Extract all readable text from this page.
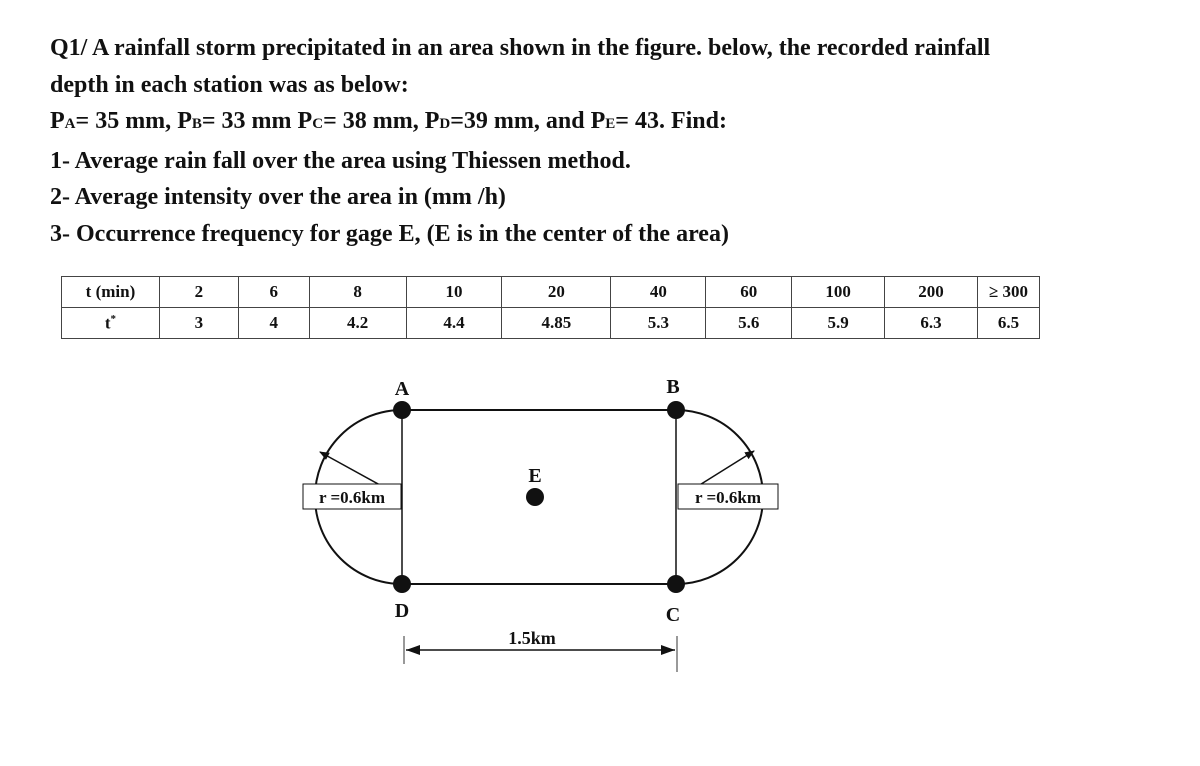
Q1/ A rainfall storm precipitated in an area shown in the figure. below, the recorded rainfall
depth in each station was as below:
PA= 35 mm, PB= 33 mm PC= 38 mm, PD=39 mm, and PE= 43. Find:
1- Average rain fall over the area using Thiessen method.
2- Average intensity over the area in (mm /h)
3- Occurrence frequency for gage E, (E is in the center of the area)
t (min)	2	6	8	10	20	40	60	100	200	≥ 300
t*	3	4	4.2	4.4	4.85	5.3	5.6	5.9	6.3	6.5
r =0.6km	r =0.6km
A	B
C
D
E
1.5km
